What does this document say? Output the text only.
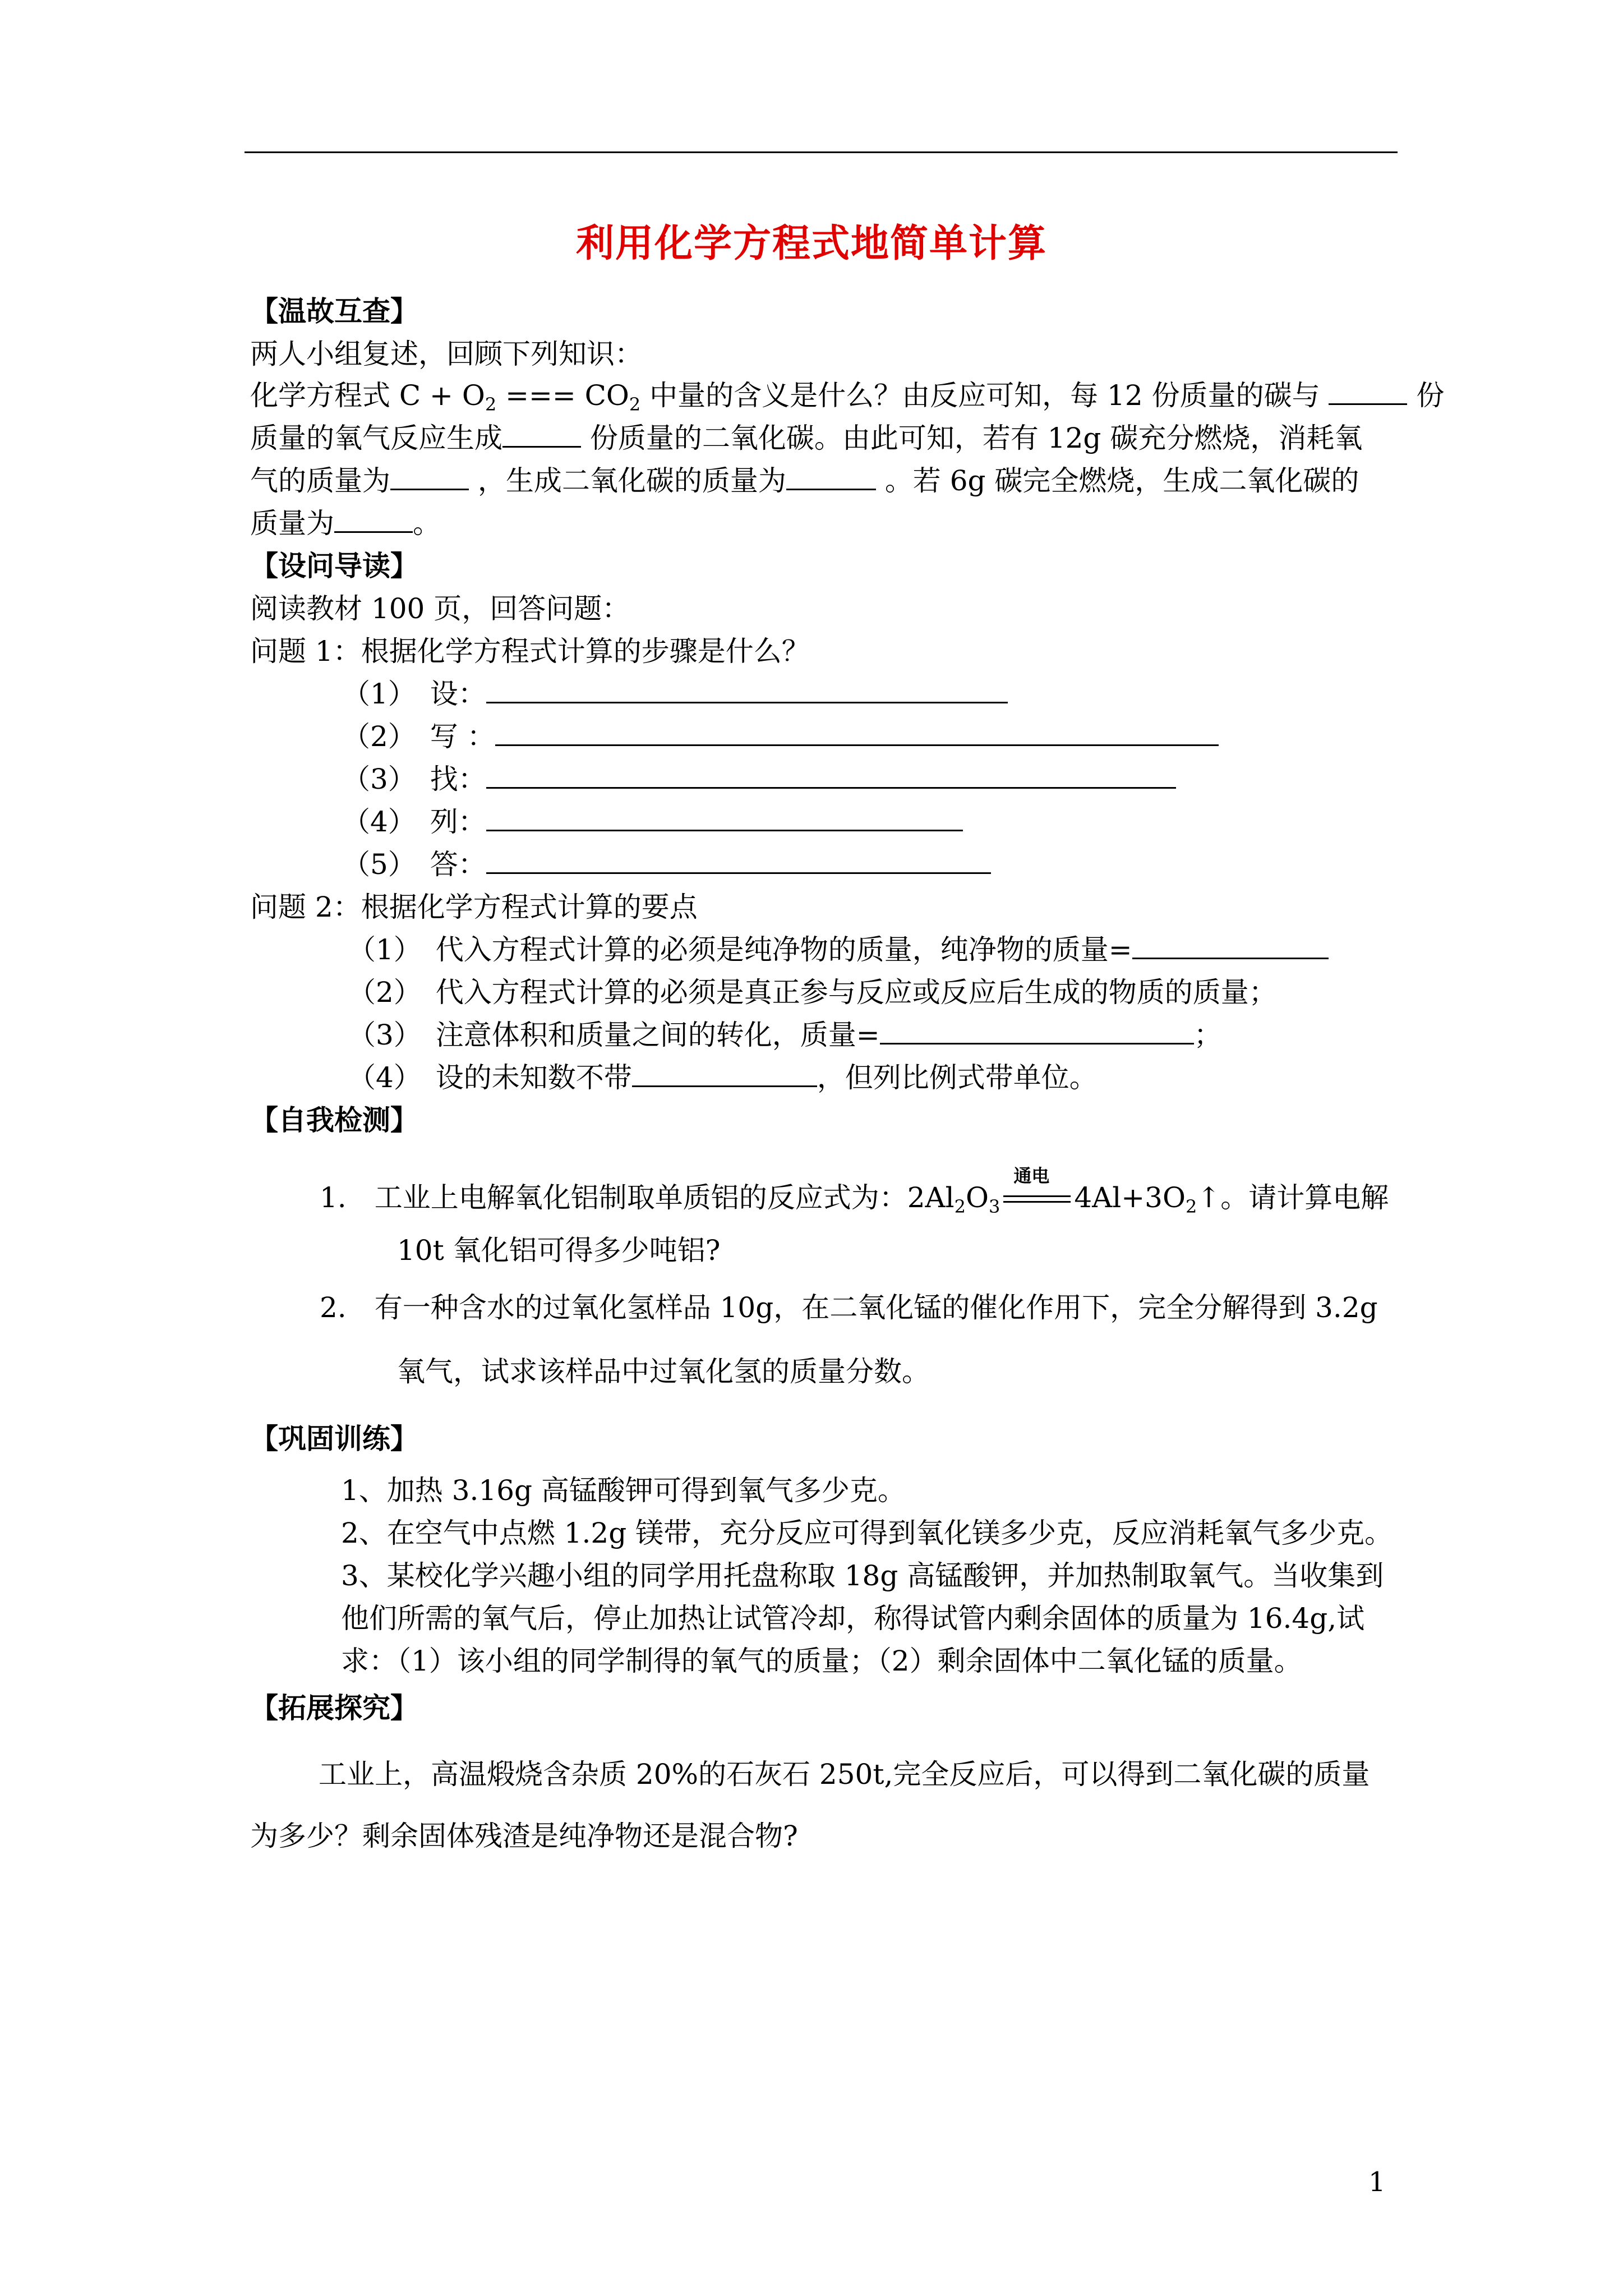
利用化学方程式地简单计算
【温故互查】
两人小组复述，回顾下列知识：
化学方程式 $C + O_2$ === $CO_2$ 中量的含义是什么？由反应可知，每 12 份质量的碳与	份
质量的氧气反应生成	份质量的二氧化碳。由此可知，若有 12g 碳充分燃烧，消耗氧
气的质量为	，生成二氧化碳的质量为	。若 6g 碳完全燃烧，生成二氧化碳的
质量为	。
【设问导读】
阅读教材 100 页，回答问题：
问题 1：根据化学方程式计算的步骤是什么？
（1）　设：
（2）　写 ：
（3）　找：
（4）　列：
（5）　答：
问题 2：根据化学方程式计算的要点
（1）　代入方程式计算的必须是纯净物的质量，纯净物的质量=
（2）　代入方程式计算的必须是真正参与反应或反应后生成的物质的质量；
（3）　注意体积和质量之间的转化，质量=	；
（4）　设的未知数不带	，但列比例式带单位。
【自我检测】
1.　工业上电解氧化铝制取单质铝的反应式为：$2Al_2O_3$
通电
$4Al+3O_2↑$。请计算电解
10t 氧化铝可得多少吨铝?
2.　有一种含水的过氧化氢样品 10g，在二氧化锰的催化作用下，完全分解得到 3.2g
氧气，试求该样品中过氧化氢的质量分数。
【巩固训练】
1、加热 3.16g 高锰酸钾可得到氧气多少克。
2、在空气中点燃 1.2g 镁带，充分反应可得到氧化镁多少克，反应消耗氧气多少克。
3、某校化学兴趣小组的同学用托盘称取 18g 高锰酸钾，并加热制取氧气。当收集到
他们所需的氧气后，停止加热让试管冷却，称得试管内剩余固体的质量为 16.4g,试
求：（1）该小组的同学制得的氧气的质量；（2）剩余固体中二氧化锰的质量。
【拓展探究】
工业上，高温煅烧含杂质 20%的石灰石 250t,完全反应后，可以得到二氧化碳的质量
为多少？剩余固体残渣是纯净物还是混合物?
1
